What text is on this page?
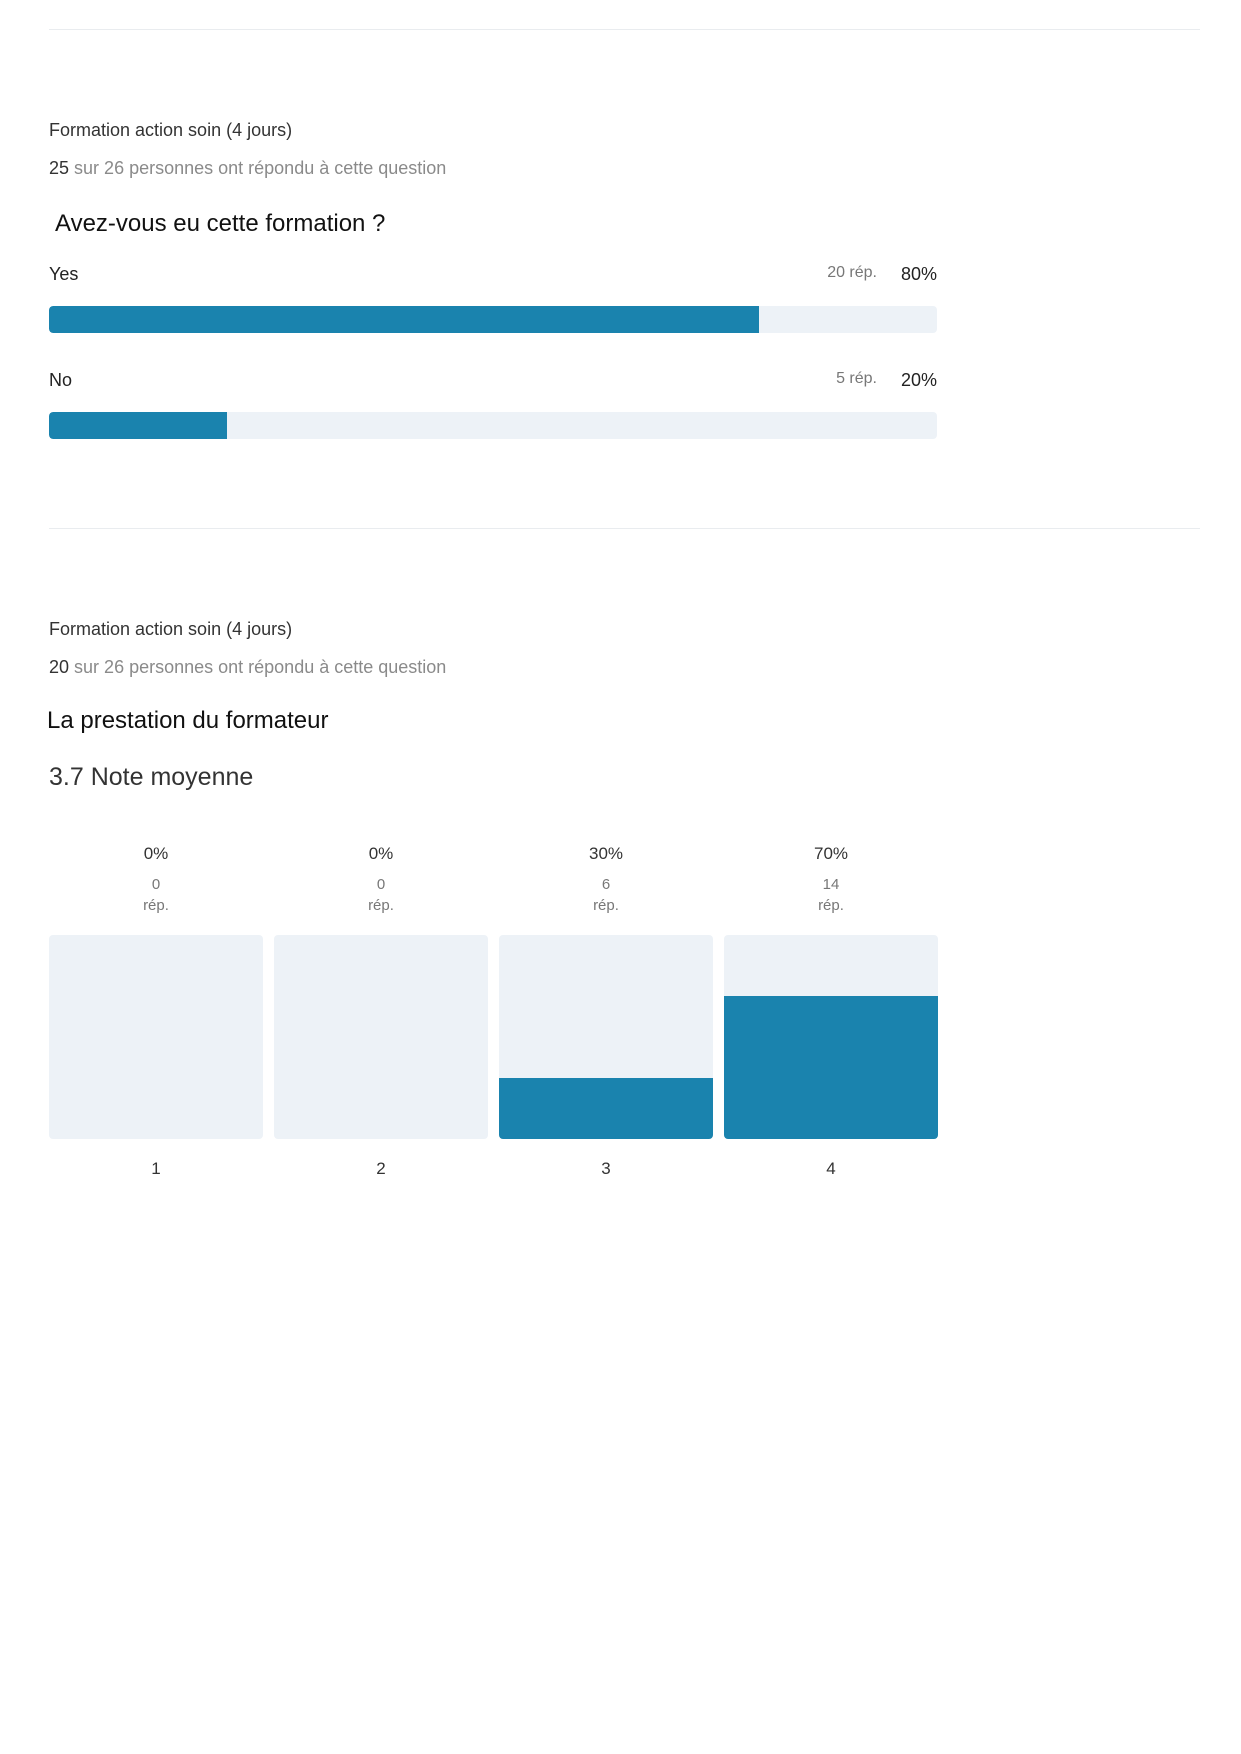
Formation action soin (4 jours)
25 sur 26 personnes ont répondu à cette question
Avez-vous eu cette formation ?
Yes	20 rép. 80%
No	5 rép. 20%
Formation action soin (4 jours)
20 sur 26 personnes ont répondu à cette question
La prestation du formateur
3.7 Note moyenne
0%
0
rép.
1
0%
0
rép.
2
30%
6
rép.
3
70%
14
rép.
4
